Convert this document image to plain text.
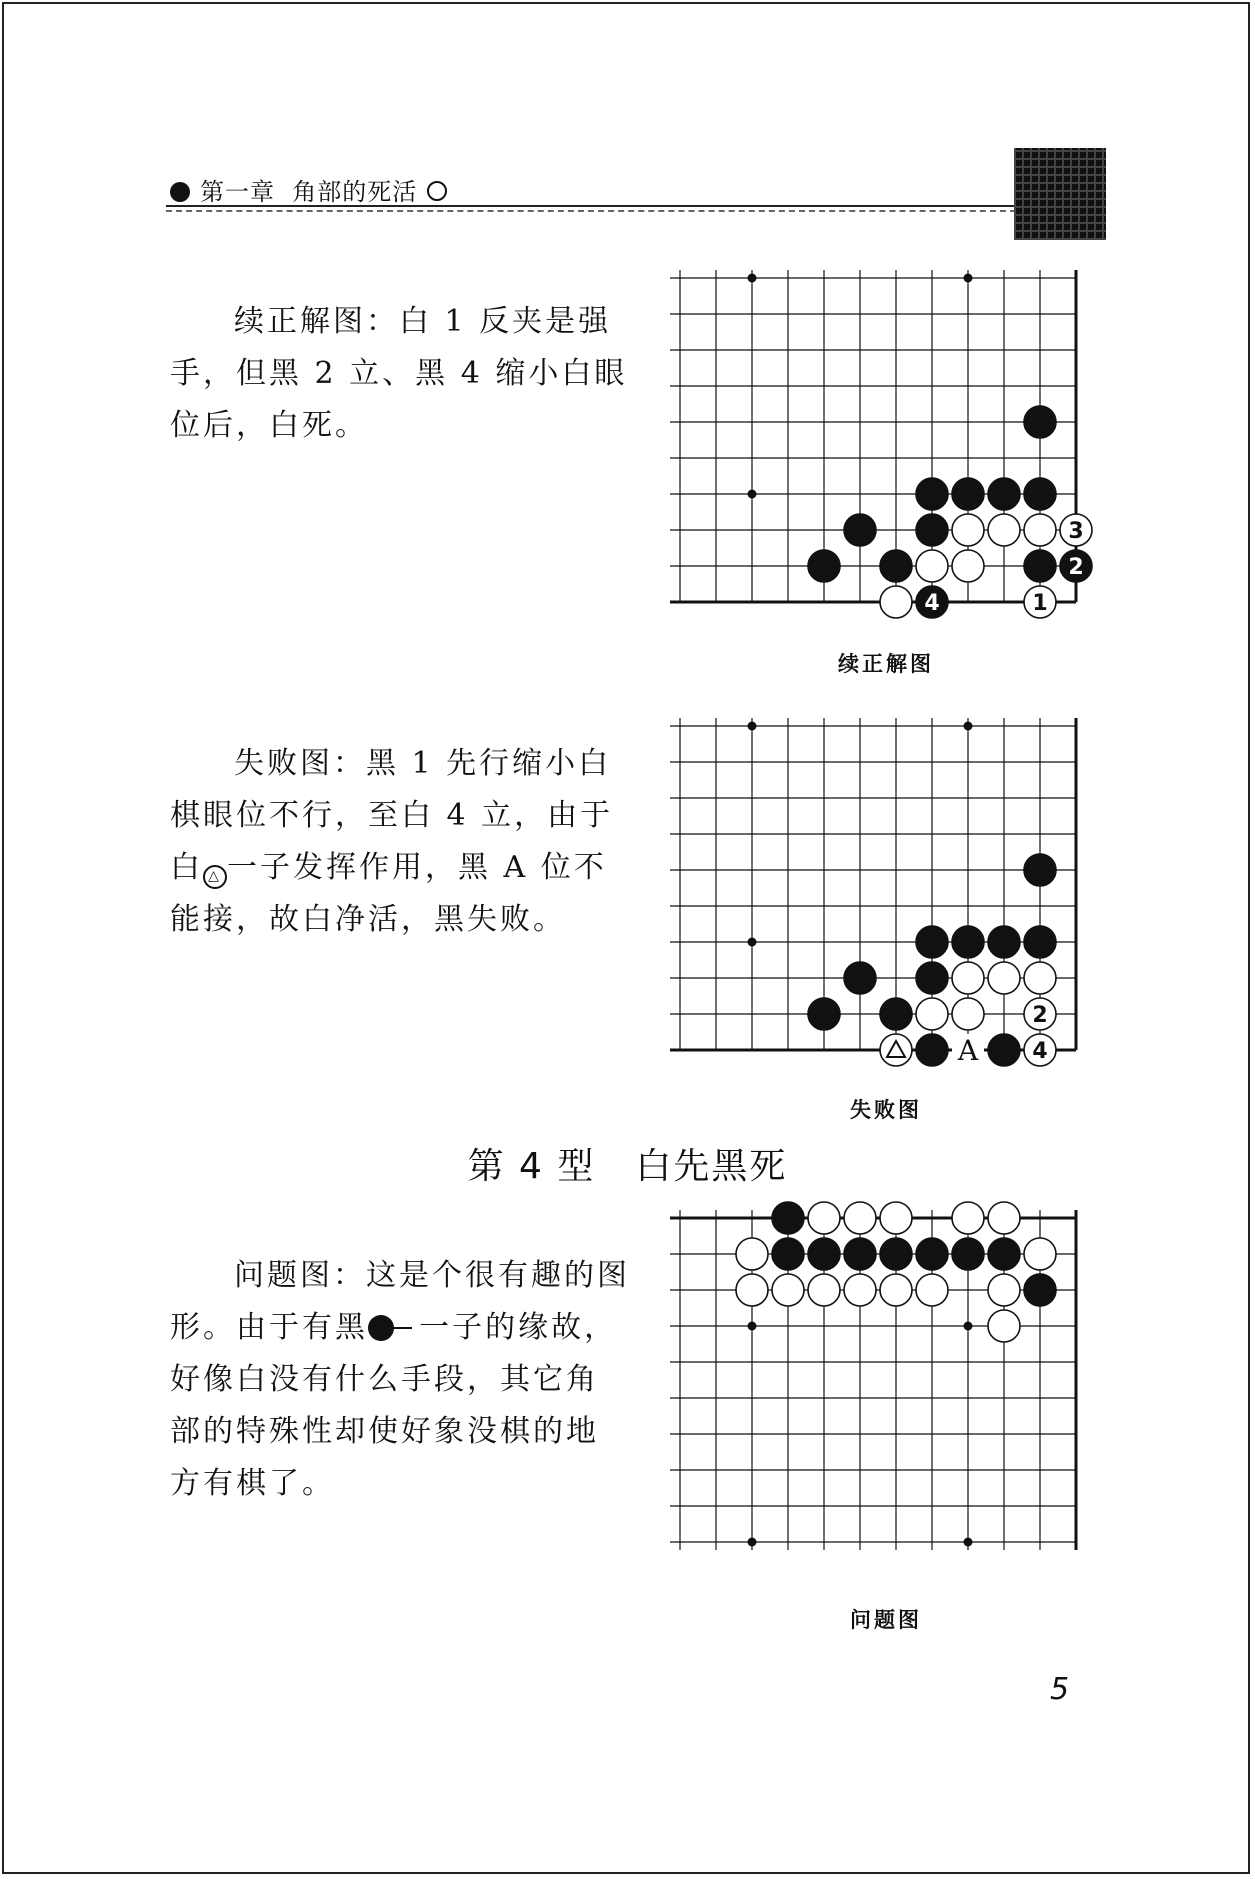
第一章 角部的死活

续正解图：白 1 反夹是强手，但黑 2 立、黑 4 缩小白眼位后，白死。

3
2
4	1
续正解图

失败图：黑 1 先行缩小白棋眼位不行，至白 4 立，由于白 △ 一子发挥作用，黑 A 位不能接，故白净活，黑失败。

2
A 4
失败图
第 4 型 白先黑死

问题图：这是个很有趣的图形。由于有黑 一子的缘故，好像白没有什么手段，其它角部的特殊性却使好象没棋的地方有棋了。

问题图
5
